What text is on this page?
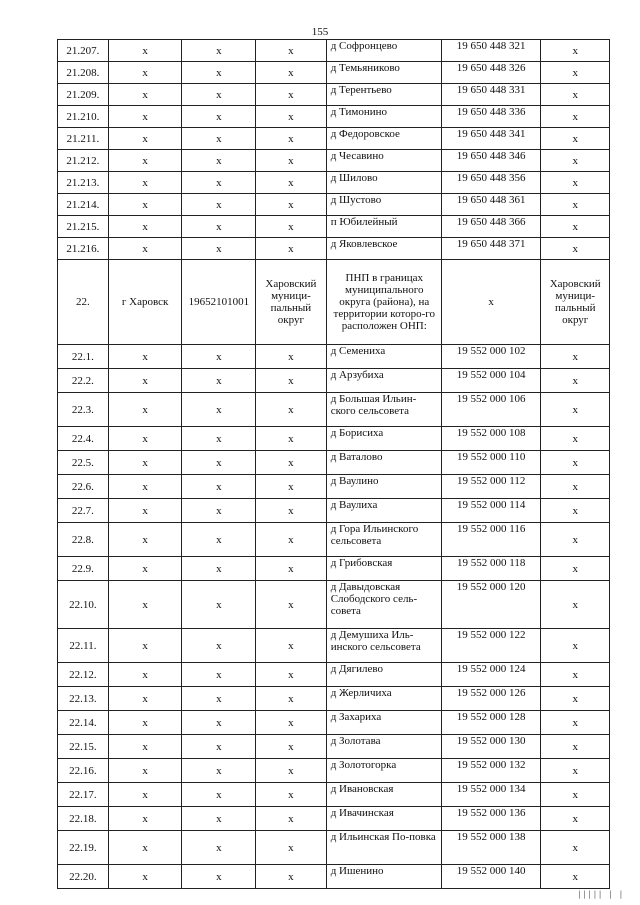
155
21.207.	х	х	х	д Софронцево	19 650 448 321	х
21.208.	х	х	х	д Темьяниково	19 650 448 326	х
21.209.	х	х	х	д Терентьево	19 650 448 331	х
21.210.	х	х	х	д Тимонино	19 650 448 336	х
21.211.	х	х	х	д Федоровское	19 650 448 341	х
21.212.	х	х	х	д Чесавино	19 650 448 346	х
21.213.	х	х	х	д Шилово	19 650 448 356	х
21.214.	х	х	х	д Шустово	19 650 448 361	х
21.215.	х	х	х	п Юбилейный	19 650 448 366	х
21.216.	х	х	х	д Яковлевское	19 650 448 371	х
22.	г Харовск	19652101001	Харовский муници-пальный округ	ПНП в границах муниципального округа (района), на территории которо-го расположен ОНП:	х	Харовский муници-пальный округ
22.1.	х	х	х	д Семениха	19 552 000 102	х
22.2.	х	х	х	д Арзубиха	19 552 000 104	х
22.3.	х	х	х	д Большая Ильин-ского сельсовета	19 552 000 106	х
22.4.	х	х	х	д Борисиха	19 552 000 108	х
22.5.	х	х	х	д Ваталово	19 552 000 110	х
22.6.	х	х	х	д Ваулино	19 552 000 112	х
22.7.	х	х	х	д Ваулиха	19 552 000 114	х
22.8.	х	х	х	д Гора Ильинского сельсовета	19 552 000 116	х
22.9.	х	х	х	д Грибовская	19 552 000 118	х
22.10.	х	х	х	д Давыдовская Слободского сель-совета	19 552 000 120	х
22.11.	х	х	х	д Демушиха Иль-инского сельсовета	19 552 000 122	х
22.12.	х	х	х	д Дягилево	19 552 000 124	х
22.13.	х	х	х	д Жерличиха	19 552 000 126	х
22.14.	х	х	х	д Захариха	19 552 000 128	х
22.15.	х	х	х	д Золотава	19 552 000 130	х
22.16.	х	х	х	д Золотогорка	19 552 000 132	х
22.17.	х	х	х	д Ивановская	19 552 000 134	х
22.18.	х	х	х	д Ивачинская	19 552 000 136	х
22.19.	х	х	х	д Ильинская По-повка	19 552 000 138	х
22.20.	х	х	х	д Ишенино	19 552 000 140	х
▏▏▏▏▏ ▏ ▏
